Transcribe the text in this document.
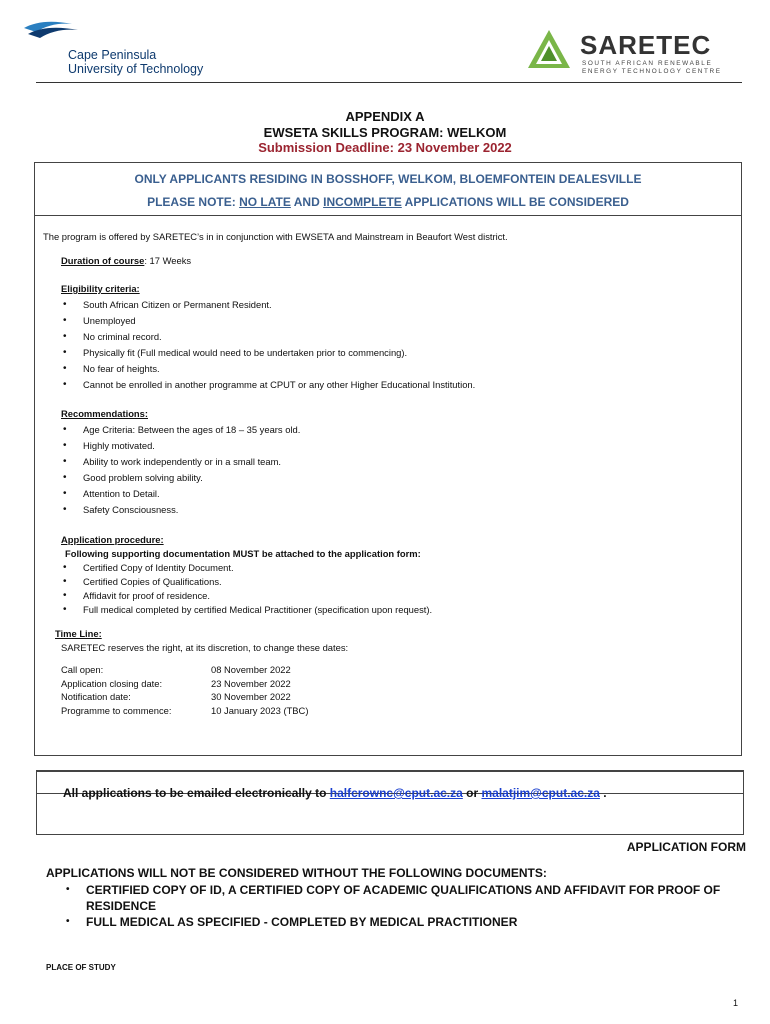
Cape Peninsula
University of Technology
SARETEC
SOUTH AFRICAN RENEWABLE
ENERGY TECHNOLOGY CENTRE
APPENDIX A
EWSETA SKILLS PROGRAM: WELKOM
Submission Deadline: 23 November 2022
ONLY APPLICANTS RESIDING IN BOSSHOFF, WELKOM, BLOEMFONTEIN DEALESVILLE
PLEASE NOTE: NO LATE AND INCOMPLETE APPLICATIONS WILL BE CONSIDERED
The program is offered by SARETEC’s in in conjunction with EWSETA and Mainstream in Beaufort West district.
Duration of course: 17 Weeks
Eligibility criteria:
• South African Citizen or Permanent Resident.
• Unemployed
• No criminal record.
• Physically fit (Full medical would need to be undertaken prior to commencing).
• No fear of heights.
• Cannot be enrolled in another programme at CPUT or any other Higher Educational Institution.
Recommendations:
• Age Criteria: Between the ages of 18 – 35 years old.
• Highly motivated.
• Ability to work independently or in a small team.
• Good problem solving ability.
• Attention to Detail.
• Safety Consciousness.
Application procedure:
Following supporting documentation MUST be attached to the application form:
• Certified Copy of Identity Document.
• Certified Copies of Qualifications.
• Affidavit for proof of residence.
• Full medical completed by certified Medical Practitioner (specification upon request).
Time Line:
SARETEC reserves the right, at its discretion, to change these dates:
Call open:	08 November 2022
Application closing date:	23 November 2022
Notification date:	30 November 2022
Programme to commence:	10 January 2023 (TBC)
All applications to be emailed electronically to halfcrownc@cput.ac.za or malatjim@cput.ac.za .
APPLICATION FORM
APPLICATIONS WILL NOT BE CONSIDERED WITHOUT THE FOLLOWING DOCUMENTS:
• CERTIFIED COPY OF ID, A CERTIFIED COPY OF ACADEMIC QUALIFICATIONS AND AFFIDAVIT FOR PROOF OF RESIDENCE
• FULL MEDICAL AS SPECIFIED - COMPLETED BY MEDICAL PRACTITIONER
PLACE OF STUDY
1
